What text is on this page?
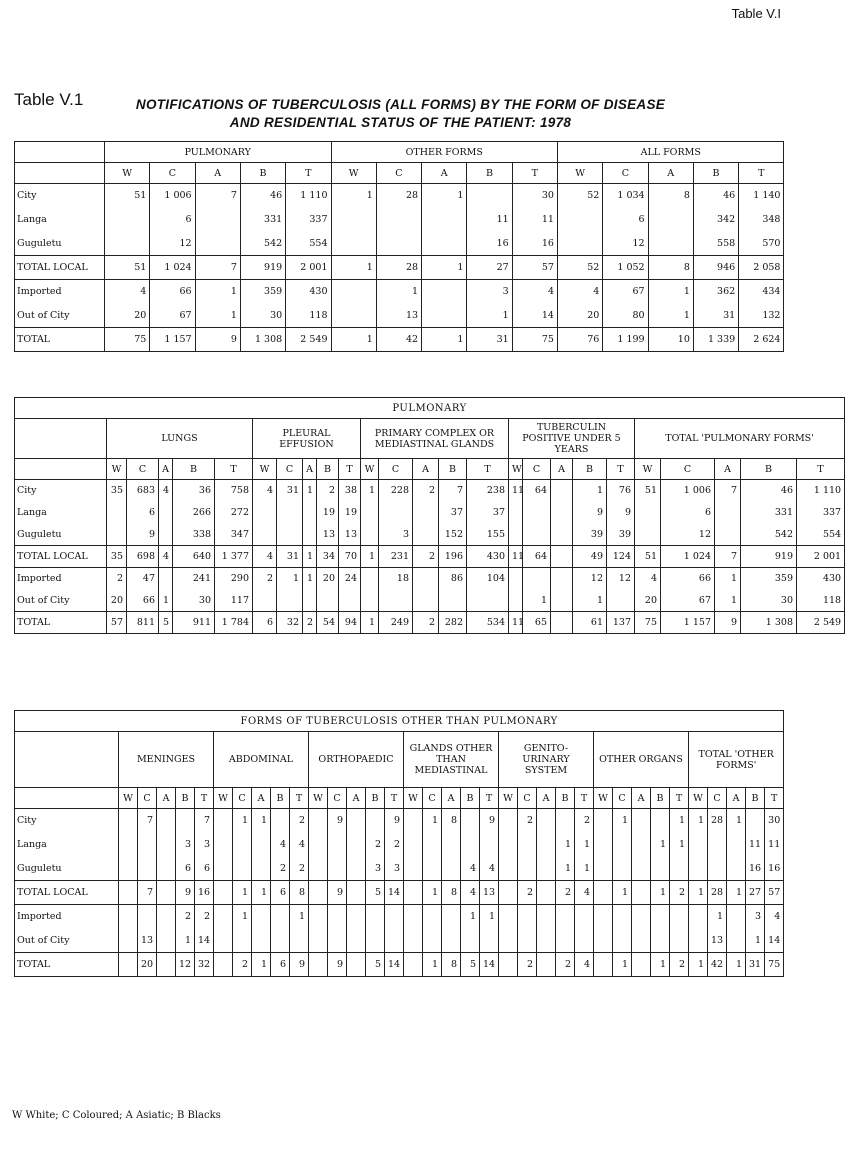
Table V.I
Table V.1	NOTIFICATIONS OF TUBERCULOSIS (ALL FORMS) BY THE FORM OF DISEASE
AND RESIDENTIAL STATUS OF THE PATIENT: 1978
	PULMONARY					OTHER FORMS					ALL FORMS				
	W	C	A	B	T	W	C	A	B	T	W	C	A	B	T
City	51	1 006	7	46	1 110	1	28	1		30	52	1 034	8	46	1 140
Langa		6		331	337				11	11		6		342	348
Guguletu		12		542	554				16	16		12		558	570
TOTAL LOCAL	51	1 024	7	919	2 001	1	28	1	27	57	52	1 052	8	946	2 058
Imported	4	66	1	359	430		1		3	4	4	67	1	362	434
Out of City	20	67	1	30	118		13		1	14	20	80	1	31	132
TOTAL	75	1 157	9	1 308	2 549	1	42	1	31	75	76	1 199	10	1 339	2 624
PULMONARY																									
	LUNGS					PLEURAL EFFUSION					PRIMARY COMPLEX OR MEDIASTINAL GLANDS					TUBERCULIN POSITIVE UNDER 5 YEARS					TOTAL 'PULMONARY FORMS'				
	W	C	A	B	T	W	C	A	B	T	W	C	A	B	T	W	C	A	B	T	W	C	A	B	T
City	35	683	4	36	758	4	31	1	2	38	1	228	2	7	238	11	64		1	76	51	1 006	7	46	1 110
Langa		6		266	272				19	19				37	37				9	9		6		331	337
Guguletu		9		338	347				13	13		3		152	155				39	39		12		542	554
TOTAL LOCAL	35	698	4	640	1 377	4	31	1	34	70	1	231	2	196	430	11	64		49	124	51	1 024	7	919	2 001
Imported	2	47		241	290	2	1	1	20	24		18		86	104				12	12	4	66	1	359	430
Out of City	20	66	1	30	117												1		1		20	67	1	30	118
TOTAL	57	811	5	911	1 784	6	32	2	54	94	1	249	2	282	534	11	65		61	137	75	1 157	9	1 308	2 549
FORMS OF TUBERCULOSIS OTHER THAN PULMONARY																																			
	MENINGES					ABDOMINAL					ORTHOPAEDIC					GLANDS OTHER THAN MEDIASTINAL					GENITO-URINARY SYSTEM					OTHER ORGANS					TOTAL 'OTHER FORMS'				
	W	C	A	B	T	W	C	A	B	T	W	C	A	B	T	W	C	A	B	T	W	C	A	B	T	W	C	A	B	T	W	C	A	B	T
City		7			7		1	1		2		9			9		1	8		9		2			2		1			1	1	28	1		30
Langa				3	3				4	4				2	2									1	1				1	1				11	11
Guguletu				6	6				2	2				3	3				4	4				1	1									16	16
TOTAL LOCAL		7		9	16		1	1	6	8		9		5	14		1	8	4	13		2		2	4		1		1	2	1	28	1	27	57
Imported				2	2		1			1									1	1												1		3	4
Out of City		13		1	14																											13		1	14
TOTAL		20		12	32		2	1	6	9		9		5	14		1	8	5	14		2		2	4		1		1	2	1	42	1	31	75
W White; C Coloured; A Asiatic; B Blacks
